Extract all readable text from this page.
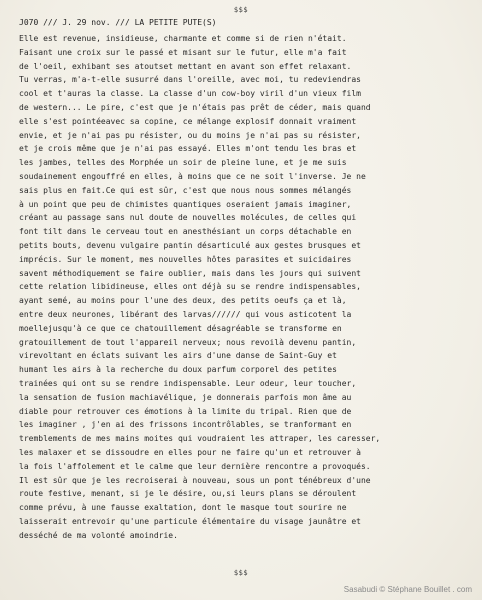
$$$
J070 /// J. 29 nov. /// LA PETITE PUTE(S)
Elle est revenue, insidieuse, charmante et comme si de rien n'était.
Faisant une croix sur le passé et misant sur le futur, elle m'a fait
de l'oeil, exhibant ses atoutset mettant en avant son effet relaxant.
Tu verras, m'a-t-elle susurré dans l'oreille, avec moi, tu redeviendras
cool et t'auras la classe. La classe d'un cow-boy viril d'un vieux film
de western... Le pire, c'est que je n'étais pas prêt de céder, mais quand
elle s'est pointéeavec sa copine, ce mélange explosif donnait vraiment
envie, et je n'ai pas pu résister, ou du moins je n'ai pas su résister,
et je crois même que je n'ai pas essayé. Elles m'ont tendu les bras et
les jambes, telles des Morphée un soir de pleine lune, et je me suis
soudainement engouffré en elles, à moins que ce ne soit l'inverse. Je ne
sais plus en fait.Ce qui est sûr, c'est que nous nous sommes mélangés
à un point que peu de chimistes quantiques oseraient jamais imaginer,
créant au passage sans nul doute de nouvelles molécules, de celles qui
font tilt dans le cerveau tout en anesthésiant un corps détachable en
petits bouts, devenu vulgaire pantin désarticulé aux gestes brusques et
imprécis. Sur le moment, mes nouvelles hôtes parasites et suicidaires
savent méthodiquement se faire oublier, mais dans les jours qui suivent
cette relation libidineuse, elles ont déjà su se rendre indispensables,
ayant semé, au moins pour l'une des deux, des petits oeufs ça et là,
entre deux neurones, libérant des larvas////// qui vous asticotent la
moellejusqu'à ce que ce chatouillement désagréable se transforme en
gratouillement de tout l'appareil nerveux; nous revoilà devenu pantin,
virevoltant en éclats suivant les airs d'une danse de Saint-Guy et
humant les airs à la recherche du doux parfum corporel des petites
trainées qui ont su se rendre indispensable. Leur odeur, leur toucher,
la sensation de fusion machiavélique, je donnerais parfois mon âme au
diable pour retrouver ces émotions à la limite du tripal. Rien que de
les imaginer , j'en ai des frissons incontrôlables, se tranformant en
tremblements de mes mains moites qui voudraient les attraper, les caresser,
les malaxer et se dissoudre en elles pour ne faire qu'un et retrouver à
la fois l'affolement et le calme que leur dernière rencontre a provoqués.
Il est sûr que je les recroiserai à nouveau, sous un pont ténébreux d'une
route festive, menant, si je le désire, ou,si leurs plans se déroulent
comme prévu, à une fausse exaltation, dont le masque tout sourire ne
laisserait entrevoir qu'une particule élémentaire du visage jaunâtre et
desséché de ma volonté amoindrie.
$$$
Sasabudi © Stéphane Bouillet . com
